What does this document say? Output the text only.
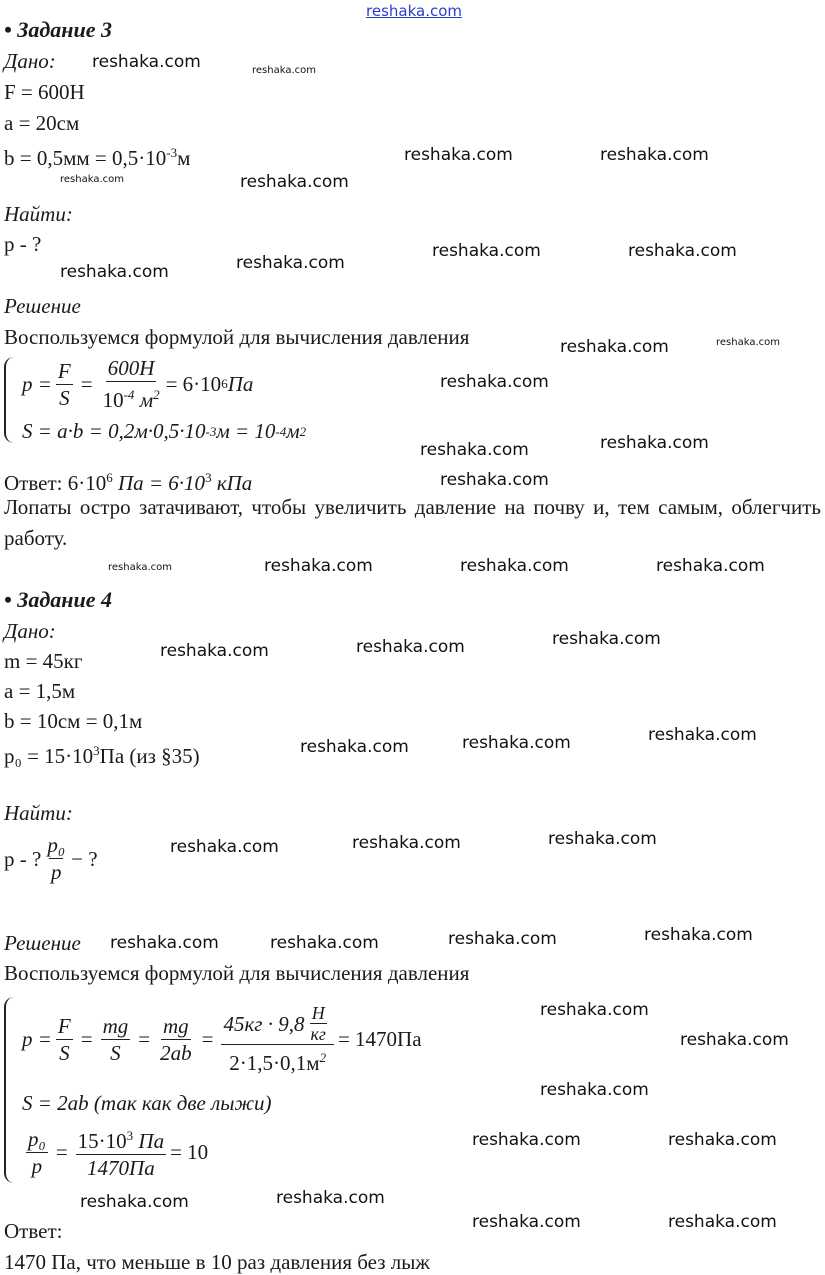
reshaka.com
• Задание 3
Дано:
F = 600Н
a = 20см
$b = 0,5мм = 0,5\cdot 10^{-3}м$
Найти:
p - ?
Решение
Воспользуемся формулой для вычисления давления
$p = \frac{F}{S} = \frac{600Н}{10^{-4} м^2} = 6\cdot 10$ 6 Па
S = a·b = 0,2м·0,5·10 -3 м = 10 -4 м 2
Ответ: $6\cdot 10^6$ Па = $6\cdot 10^3$ кПа
Лопаты остро затачивают, чтобы увеличить давление на почву и, тем самым, облегчить работу.
• Задание 4
Дано:
m = 45кг
a = 1,5м
b = 10см = 0,1м
$p_0 = 15\cdot 10^3Па$ (из §35)
Найти:
p - ? $\frac{\text{p₀}}{p}$ − ?
Решение
Воспользуемся формулой для вычисления давления
$p = \frac{F}{S} = \frac{mg}{S} = \frac{mg}{2ab} = \frac{45кг \cdot 9,8 \frac{Н}{кг}}{2\cdot 1,5\cdot 0,1м^2} = 1470Па$
S = 2ab (так как две лыжи)
$\frac{\text{p₀}}{p} = \frac{15\cdot 10^3 Па}{1470Па} = 10$
Ответ:
1470 Па, что меньше в 10 раз давления без лыж
reshaka.com	reshaka.com
reshaka.com	reshaka.com
reshaka.com	reshaka.com
reshaka.com	reshaka.com
reshaka.com	reshaka.com
reshaka.com	reshaka.com
reshaka.com
reshaka.com
reshaka.com	reshaka.com
reshaka.com	reshaka.com	reshaka.com	reshaka.com
reshaka.com	reshaka.com	reshaka.com
reshaka.com	reshaka.com	reshaka.com
reshaka.com	reshaka.com	reshaka.com
reshaka.com	reshaka.com	reshaka.com
reshaka.com
reshaka.com
reshaka.com
reshaka.com
reshaka.com	reshaka.com
reshaka.com	reshaka.com
reshaka.com	reshaka.com
